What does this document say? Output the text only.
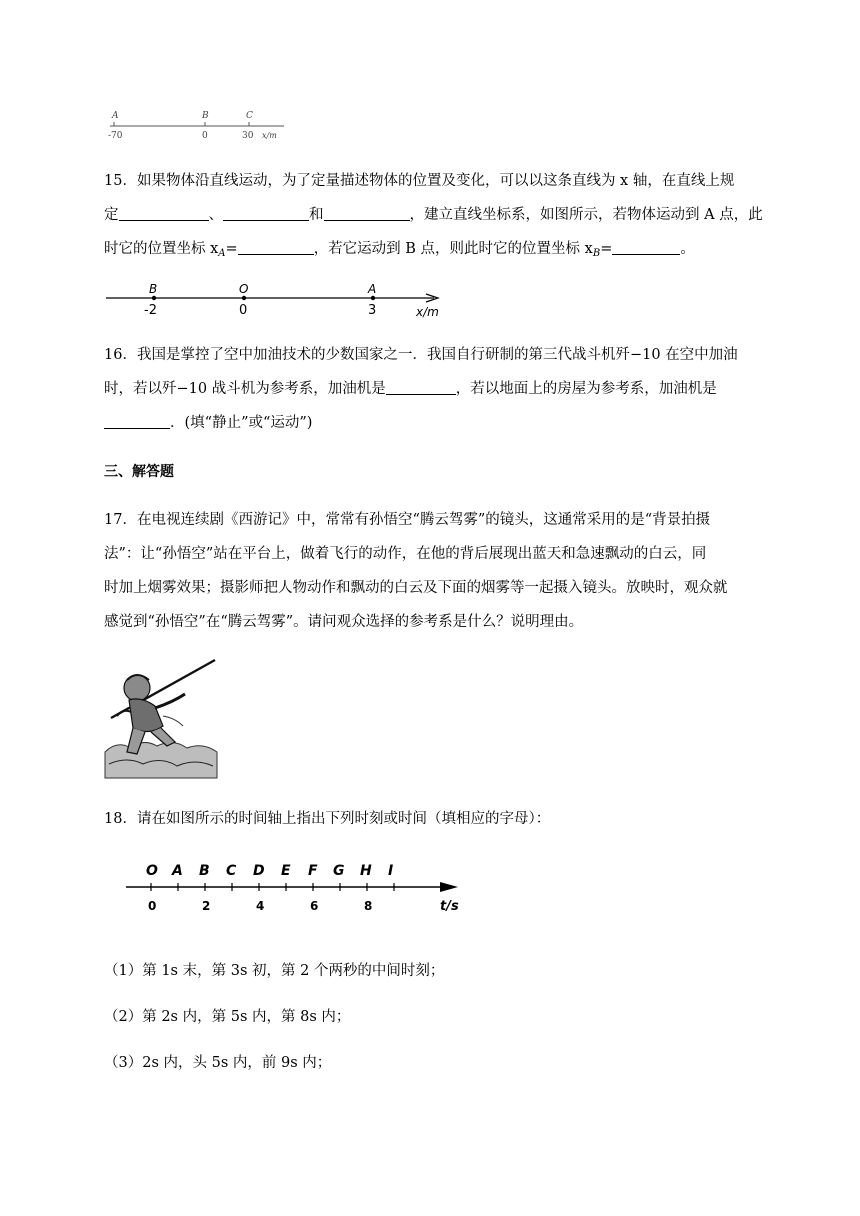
A	B	C
-70	0	30 x/m
15．如果物体沿直线运动，为了定量描述物体的位置及变化，可以以这条直线为 x 轴，在直线上规
定	、	和	，建立直线坐标系，如图所示，若物体运动到 A 点，此
时它的位置坐标 $x_A=$	，若它运动到 B 点，则此时它的位置坐标 $x_B=$	。
B	O	A
-2	0	3	x/m
16．我国是掌控了空中加油技术的少数国家之一．我国自行研制的第三代战斗机歼−10 在空中加油
时，若以歼−10 战斗机为参考系，加油机是	，若以地面上的房屋为参考系，加油机是
．(填“静止”或“运动”)
三、解答题
17．在电视连续剧《西游记》中，常常有孙悟空“腾云驾雾”的镜头，这通常采用的是“背景拍摄
法”：让“孙悟空”站在平台上，做着飞行的动作，在他的背后展现出蓝天和急速飘动的白云，同
时加上烟雾效果；摄影师把人物动作和飘动的白云及下面的烟雾等一起摄入镜头。放映时，观众就
感觉到“孙悟空”在“腾云驾雾”。请问观众选择的参考系是什么？说明理由。
18．请在如图所示的时间轴上指出下列时刻或时间（填相应的字母）：
O A B C D E F G H I
0	2	4	6	8	t/s
（1）第 1s 末，第 3s 初，第 2 个两秒的中间时刻；
（2）第 2s 内，第 5s 内，第 8s 内；
（3）2s 内，头 5s 内，前 9s 内；
